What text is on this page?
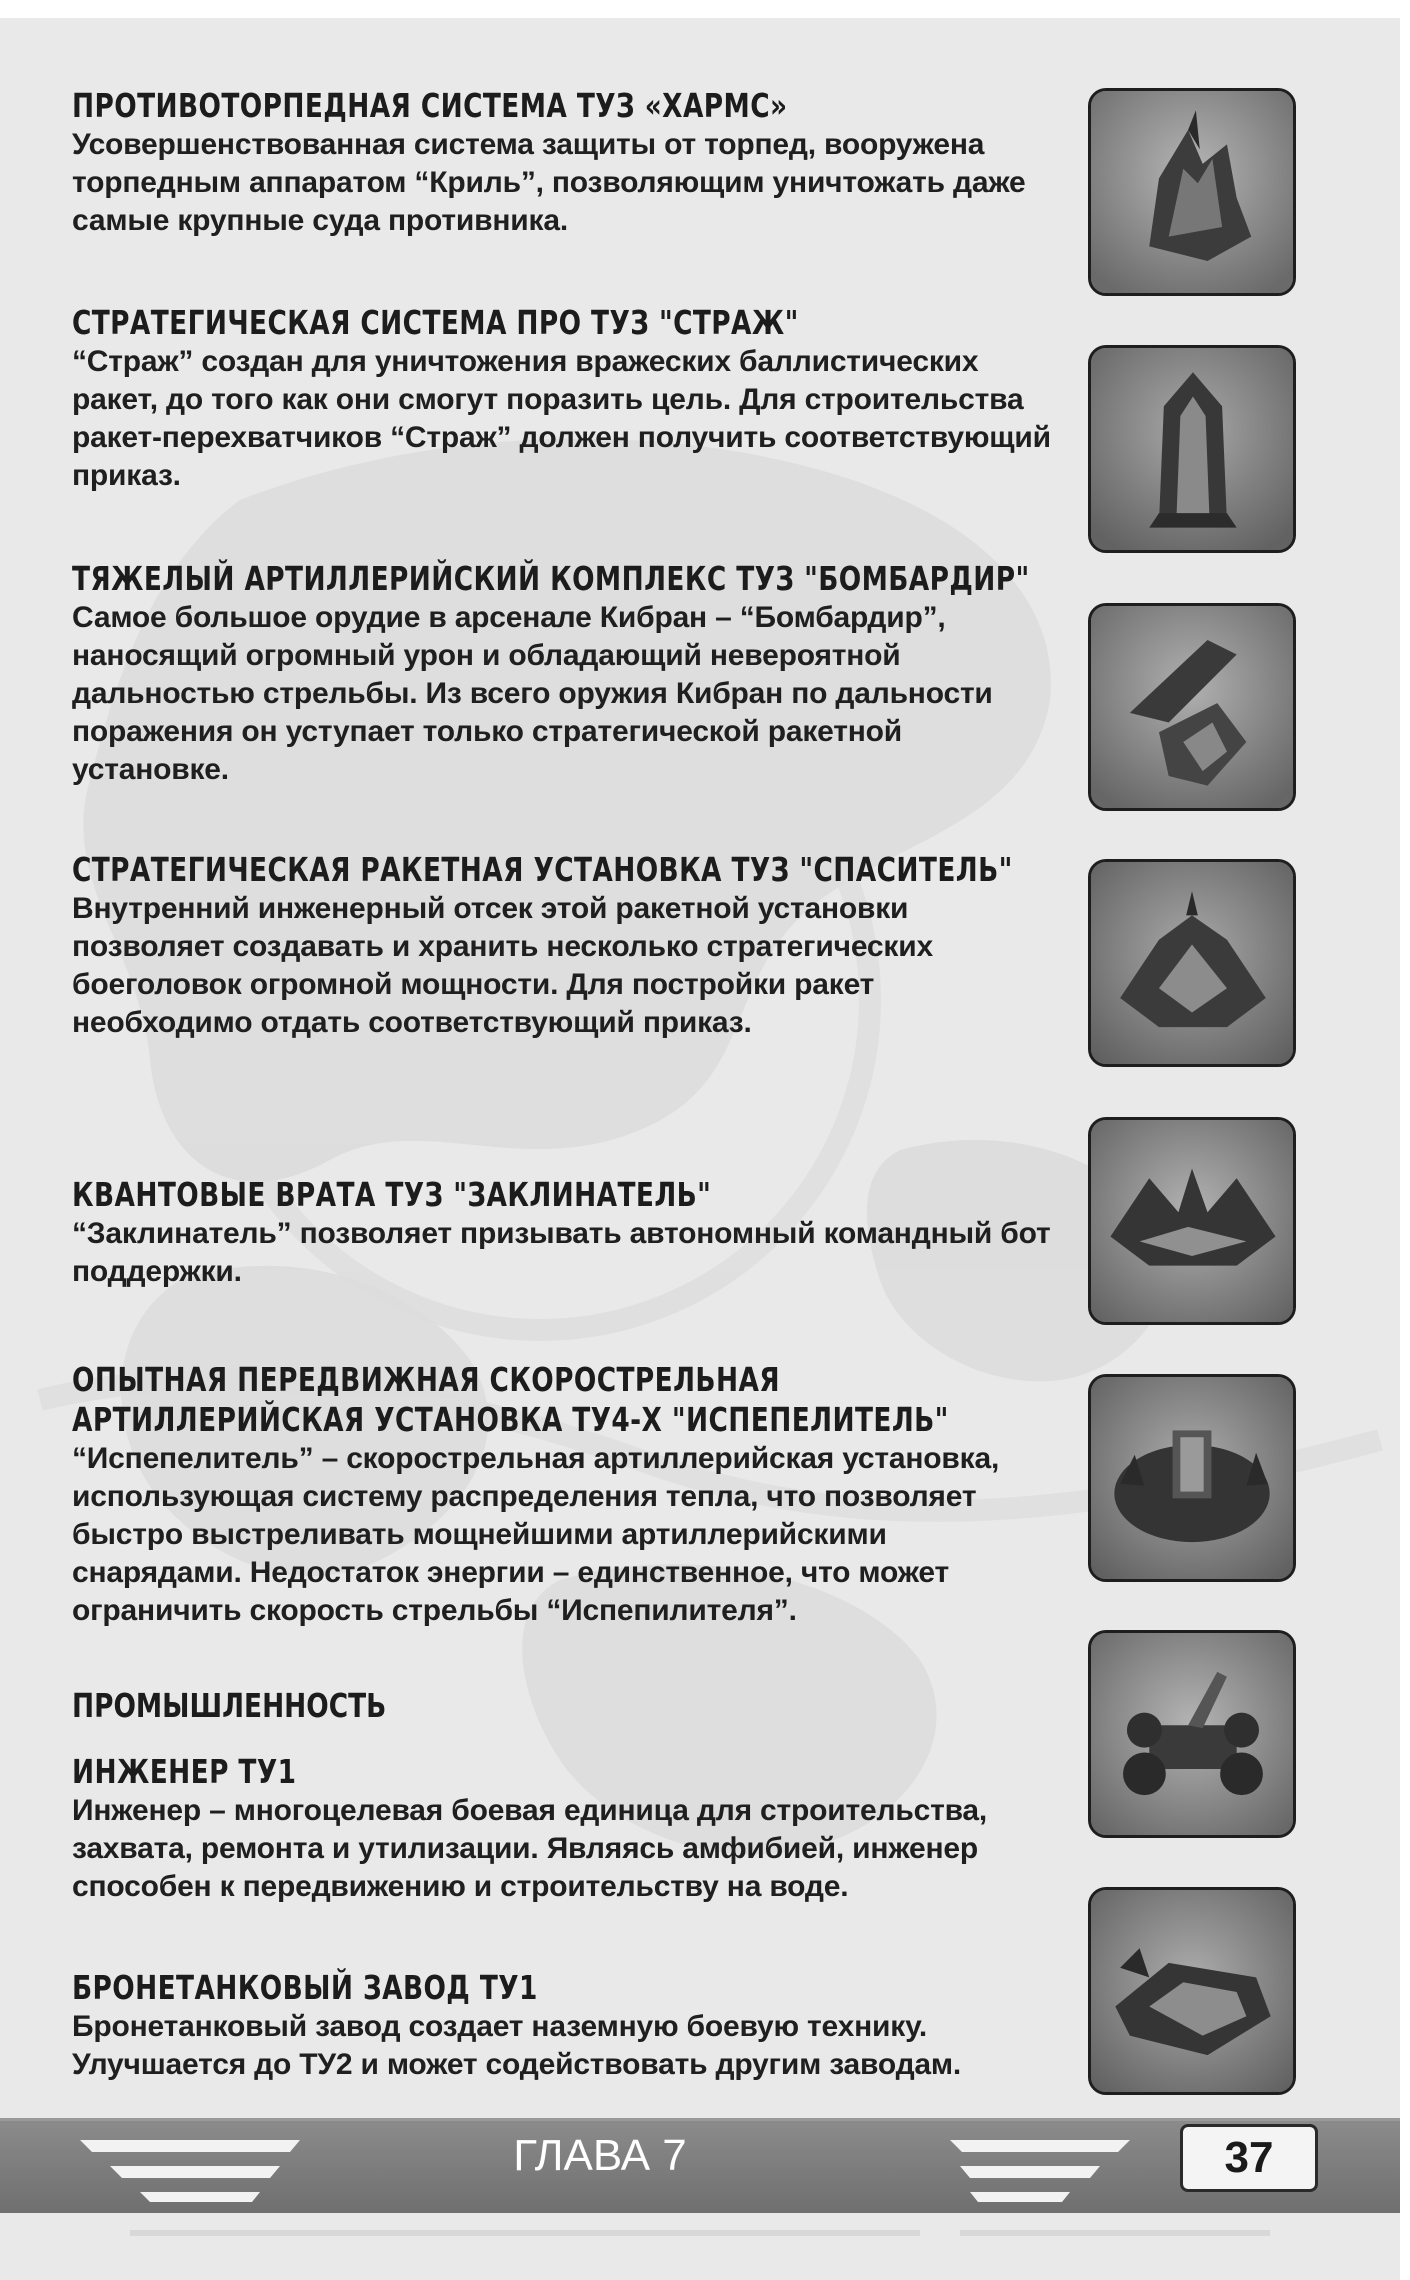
ПРОТИВОТОРПЕДНАЯ СИСТЕМА ТУЗ «ХАРМС»

Усовершенствованная система защиты от торпед, вооружена торпедным аппаратом “Криль”, позволяющим уничтожать даже самые крупные суда противника.

СТРАТЕГИЧЕСКАЯ СИСТЕМА ПРО ТУЗ "СТРАЖ"

“Страж” создан для уничтожения вражеских баллистических ракет, до того как они смогут поразить цель. Для строительства ракет-перехватчиков “Страж” должен получить соответствующий приказ.

ТЯЖЕЛЫЙ АРТИЛЛЕРИЙСКИЙ КОМПЛЕКС ТУЗ "БОМБАРДИР"

Самое большое орудие в арсенале Кибран – “Бомбардир”, наносящий огромный урон и обладающий невероятной дальностью стрельбы. Из всего оружия Кибран по дальности поражения он уступает только стратегической ракетной установке.

СТРАТЕГИЧЕСКАЯ РАКЕТНАЯ УСТАНОВКА ТУЗ "СПАСИТЕЛЬ"

Внутренний инженерный отсек этой ракетной установки позволяет создавать и хранить несколько стратегических боеголовок огромной мощности. Для постройки ракет необходимо отдать соответствующий приказ.

КВАНТОВЫЕ ВРАТА ТУЗ "ЗАКЛИНАТЕЛЬ"

“Заклинатель” позволяет призывать автономный командный бот поддержки.

ОПЫТНАЯ ПЕРЕДВИЖНАЯ СКОРОСТРЕЛЬНАЯ АРТИЛЛЕРИЙСКАЯ УСТАНОВКА ТУ4-Х "ИСПЕПЕЛИТЕЛЬ"

“Испепелитель” – скорострельная артиллерийская установка, использующая систему распределения тепла, что позволяет быстро выстреливать мощнейшими артиллерийскими снарядами. Недостаток энергии – единственное, что может ограничить скорость стрельбы “Испепилителя”.

ПРОМЫШЛЕННОСТЬ
ИНЖЕНЕР ТУ1

Инженер – многоцелевая боевая единица для строительства, захвата, ремонта и утилизации. Являясь амфибией, инженер способен к передвижению и строительству на воде.

БРОНЕТАНКОВЫЙ ЗАВОД ТУ1

Бронетанковый завод создает наземную боевую технику. Улучшается до ТУ2 и может содействовать другим заводам.

ГЛАВА 7	37
